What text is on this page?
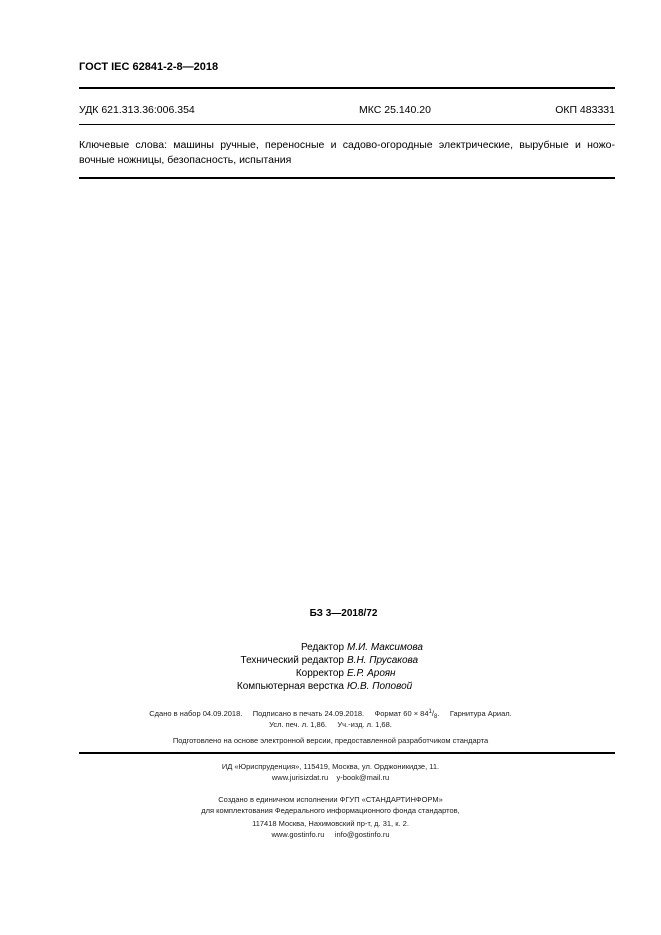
ГОСТ IEC 62841-2-8—2018
УДК 621.313.36:006.354	МКС 25.140.20	ОКП 483331
Ключевые слова: машины ручные, переносные и садово-огородные электрические, вырубные и ножо-
вочные ножницы, безопасность, испытания
БЗ 3—2018/72
Редактор М.И. Максимова
Технический редактор В.Н. Прусакова
Корректор Е.Р. Ароян
Компьютерная верстка Ю.В. Поповой
Сдано в набор 04.09.2018. Подписано в печать 24.09.2018. Формат $60 \times 84^1/_8$. Гарнитура Ариал.
Усл. печ. л. 1,86. Уч.-изд. л. 1,68.
Подготовлено на основе электронной версии, предоставленной разработчиком стандарта
ИД «Юриспруденция», 115419, Москва, ул. Орджоникидзе, 11.
www.jurisizdat.ru y-book@mail.ru
Создано в единичном исполнении ФГУП «СТАНДАРТИНФОРМ»
для комплектования Федерального информационного фонда стандартов,
117418 Москва, Нахимовский пр-т, д. 31, к. 2.
www.gostinfo.ru info@gostinfo.ru
